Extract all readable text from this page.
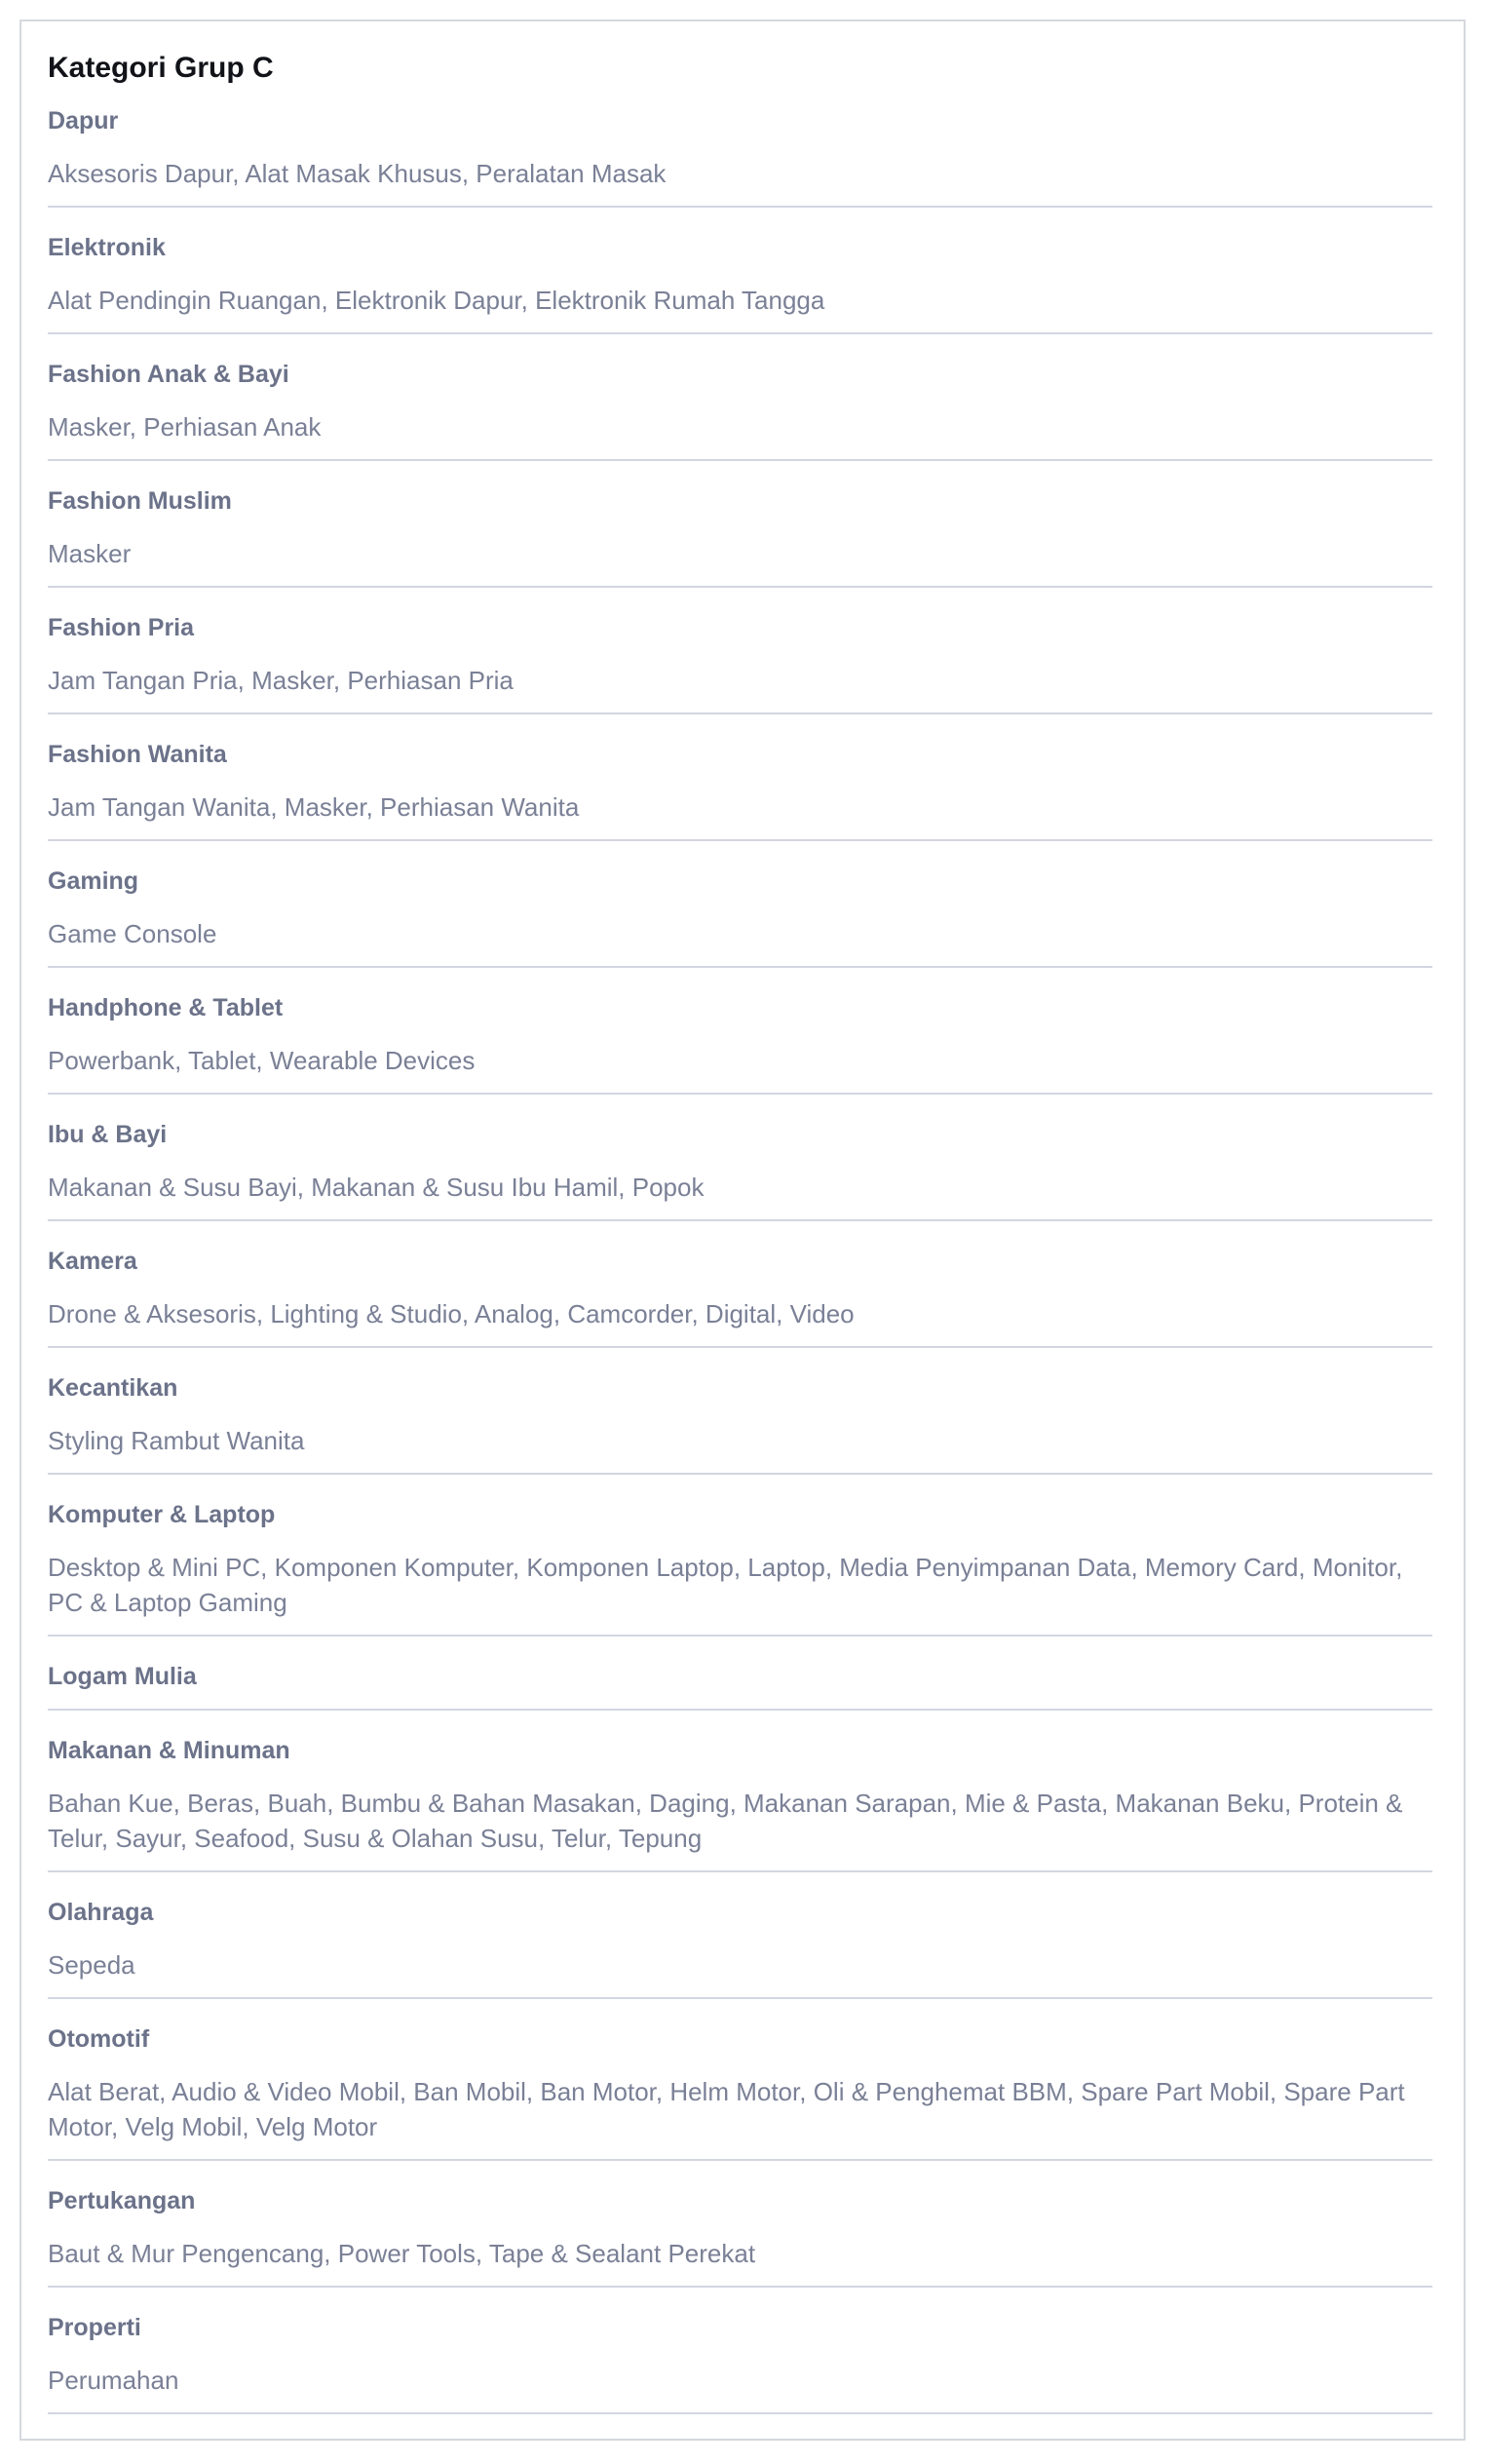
Kategori Grup C
Dapur
Aksesoris Dapur, Alat Masak Khusus, Peralatan Masak
Elektronik
Alat Pendingin Ruangan, Elektronik Dapur, Elektronik Rumah Tangga
Fashion Anak & Bayi
Masker, Perhiasan Anak
Fashion Muslim
Masker
Fashion Pria
Jam Tangan Pria, Masker, Perhiasan Pria
Fashion Wanita
Jam Tangan Wanita, Masker, Perhiasan Wanita
Gaming
Game Console
Handphone & Tablet
Powerbank, Tablet, Wearable Devices
Ibu & Bayi
Makanan & Susu Bayi, Makanan & Susu Ibu Hamil, Popok
Kamera
Drone & Aksesoris, Lighting & Studio, Analog, Camcorder, Digital, Video
Kecantikan
Styling Rambut Wanita
Komputer & Laptop
Desktop & Mini PC, Komponen Komputer, Komponen Laptop, Laptop, Media Penyimpanan Data, Memory Card, Monitor, PC & Laptop Gaming
Logam Mulia
Makanan & Minuman
Bahan Kue, Beras, Buah, Bumbu & Bahan Masakan, Daging, Makanan Sarapan, Mie & Pasta, Makanan Beku, Protein & Telur, Sayur, Seafood, Susu & Olahan Susu, Telur, Tepung
Olahraga
Sepeda
Otomotif
Alat Berat, Audio & Video Mobil, Ban Mobil, Ban Motor, Helm Motor, Oli & Penghemat BBM, Spare Part Mobil, Spare Part Motor, Velg Mobil, Velg Motor
Pertukangan
Baut & Mur Pengencang, Power Tools, Tape & Sealant Perekat
Properti
Perumahan
